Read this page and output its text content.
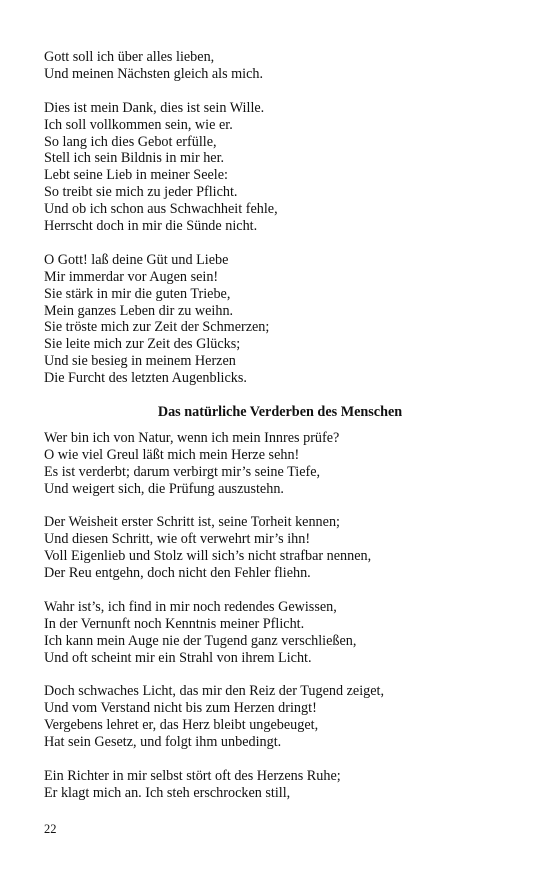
Gott soll ich über alles lieben,
Und meinen Nächsten gleich als mich.
Dies ist mein Dank, dies ist sein Wille.
Ich soll vollkommen sein, wie er.
So lang ich dies Gebot erfülle,
Stell ich sein Bildnis in mir her.
Lebt seine Lieb in meiner Seele:
So treibt sie mich zu jeder Pflicht.
Und ob ich schon aus Schwachheit fehle,
Herrscht doch in mir die Sünde nicht.
O Gott! laß deine Güt und Liebe
Mir immerdar vor Augen sein!
Sie stärk in mir die guten Triebe,
Mein ganzes Leben dir zu weihn.
Sie tröste mich zur Zeit der Schmerzen;
Sie leite mich zur Zeit des Glücks;
Und sie besieg in meinem Herzen
Die Furcht des letzten Augenblicks.
Das natürliche Verderben des Menschen
Wer bin ich von Natur, wenn ich mein Innres prüfe?
O wie viel Greul läßt mich mein Herze sehn!
Es ist verderbt; darum verbirgt mir’s seine Tiefe,
Und weigert sich, die Prüfung auszustehn.
Der Weisheit erster Schritt ist, seine Torheit kennen;
Und diesen Schritt, wie oft verwehrt mir’s ihn!
Voll Eigenlieb und Stolz will sich’s nicht strafbar nennen,
Der Reu entgehn, doch nicht den Fehler fliehn.
Wahr ist’s, ich find in mir noch redendes Gewissen,
In der Vernunft noch Kenntnis meiner Pflicht.
Ich kann mein Auge nie der Tugend ganz verschließen,
Und oft scheint mir ein Strahl von ihrem Licht.
Doch schwaches Licht, das mir den Reiz der Tugend zeiget,
Und vom Verstand nicht bis zum Herzen dringt!
Vergebens lehret er, das Herz bleibt ungebeuget,
Hat sein Gesetz, und folgt ihm unbedingt.
Ein Richter in mir selbst stört oft des Herzens Ruhe;
Er klagt mich an. Ich steh erschrocken still,
22
